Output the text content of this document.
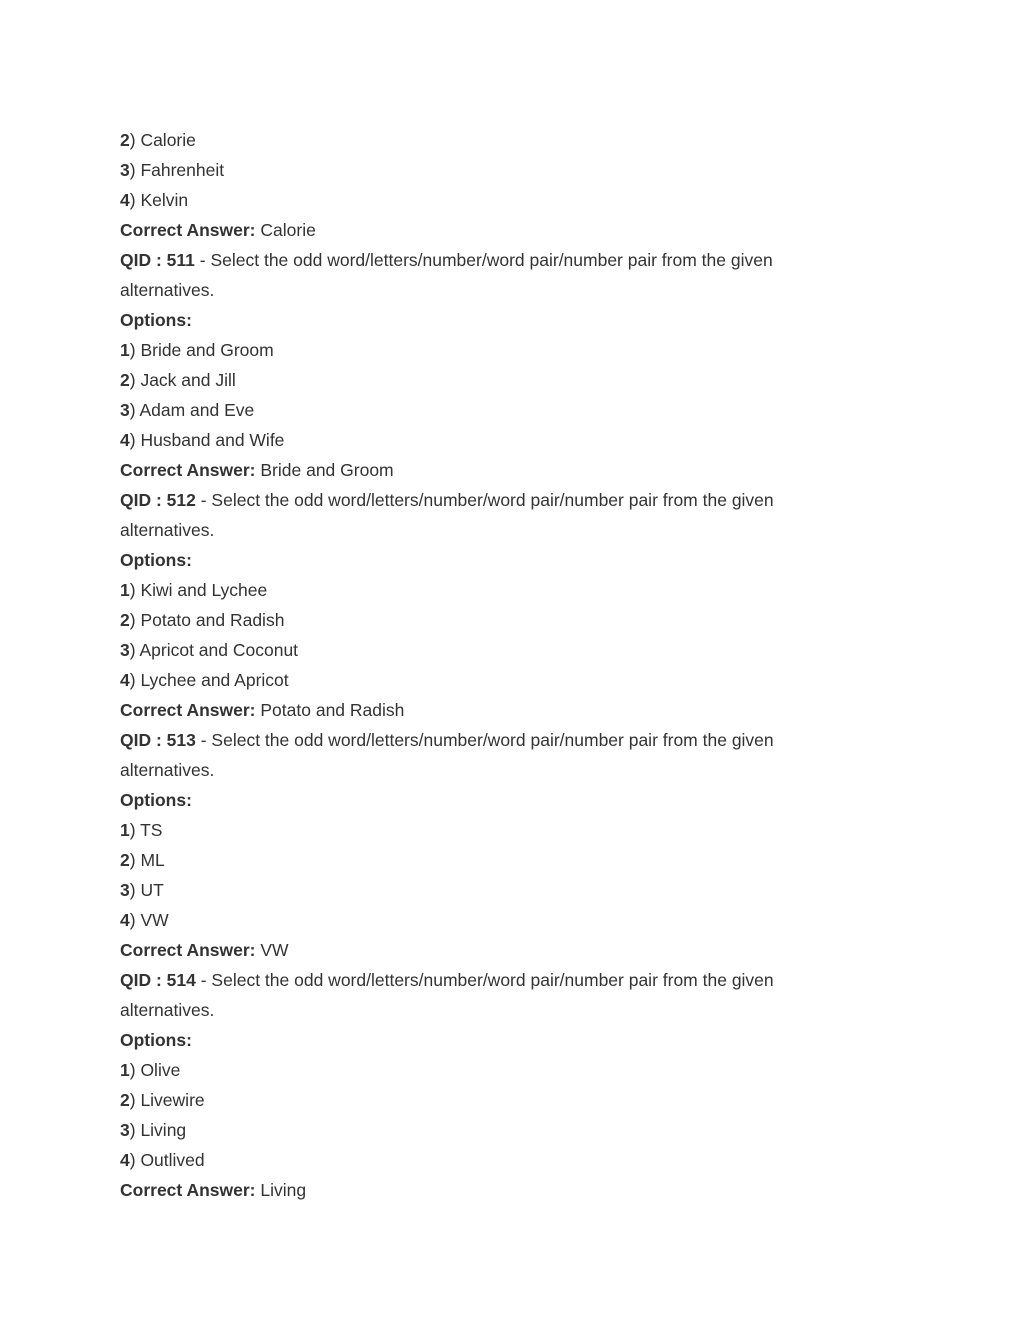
2) Calorie

3) Fahrenheit

4) Kelvin

Correct Answer: Calorie

QID : 511 - Select the odd word/letters/number/word pair/number pair from the given alternatives.

Options:

1) Bride and Groom

2) Jack and Jill

3) Adam and Eve

4) Husband and Wife

Correct Answer: Bride and Groom

QID : 512 - Select the odd word/letters/number/word pair/number pair from the given alternatives.

Options:

1) Kiwi and Lychee

2) Potato and Radish

3) Apricot and Coconut

4) Lychee and Apricot

Correct Answer: Potato and Radish

QID : 513 - Select the odd word/letters/number/word pair/number pair from the given alternatives.

Options:

1) TS

2) ML

3) UT

4) VW

Correct Answer: VW

QID : 514 - Select the odd word/letters/number/word pair/number pair from the given alternatives.

Options:

1) Olive

2) Livewire

3) Living

4) Outlived

Correct Answer: Living
